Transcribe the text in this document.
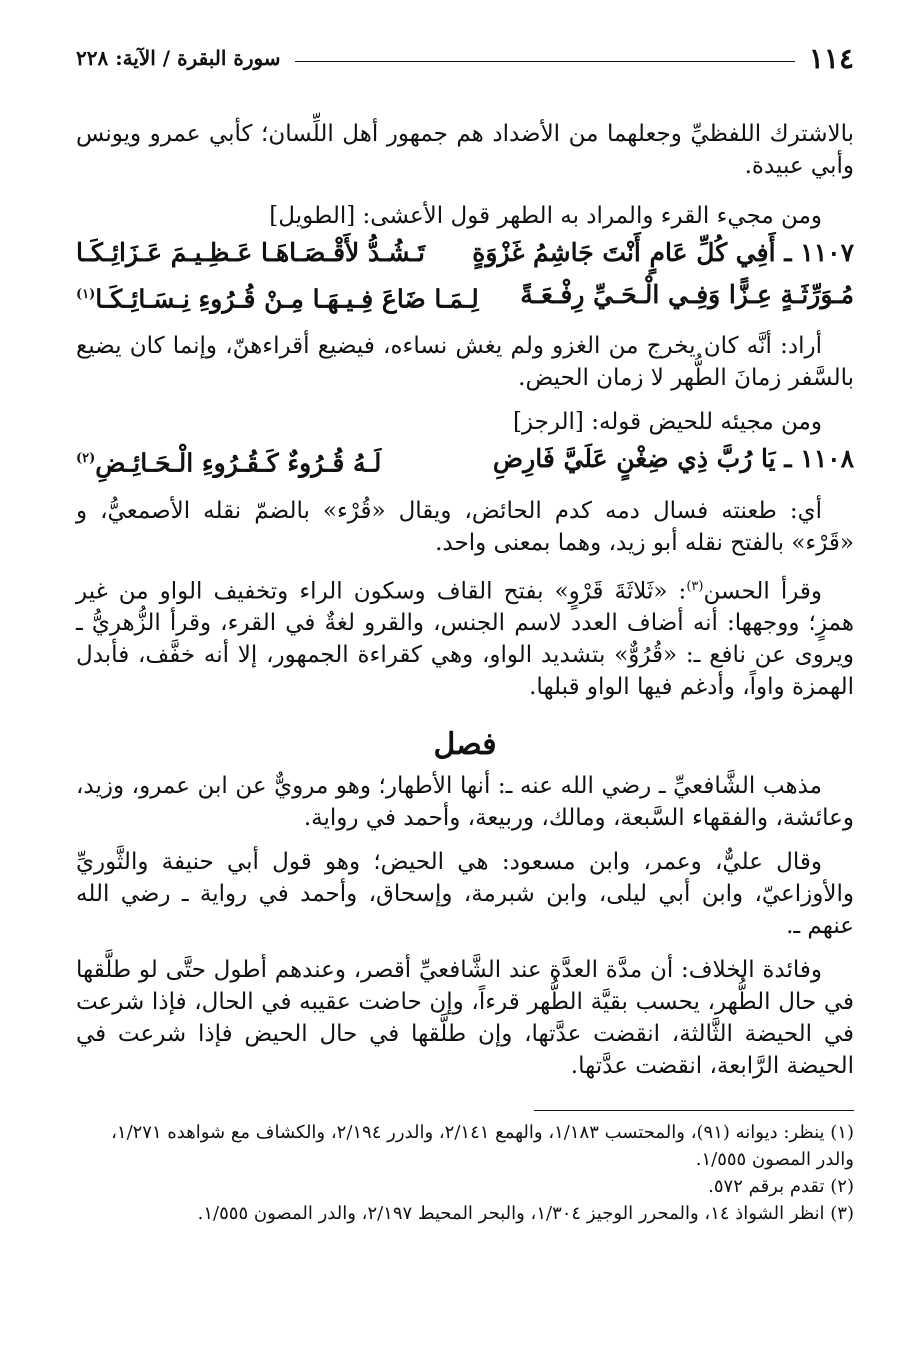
١١٤
سورة البقرة / الآية: ٢٢٨

بالاشترك اللفظيِّ وجعلهما من الأضداد هم جمهور أهل اللِّسان؛ كأبي عمرو ويونس وأبي عبيدة.

ومن مجيء القرء والمراد به الطهر قول الأعشى: [الطويل]

١١٠٧ ـ أَفِي كُلِّ عَامٍ أَنْتَ جَاشِمُ غَزْوَةٍ
تَـشُـدُّ لأَقْـصَـاهَـا عَـظِـيـمَ عَـزَائِـكَـا
مُـوَرِّثَـةٍ عِـزًّا وَفِـي الْـحَـيِّ رِفْـعَـةً
لِـمَـا ضَاعَ فِـيـهَـا مِـنْ قُـرُوءِ نِـسَـائِـكَـا$^{(١)}$

أراد: أنَّه كان يخرج من الغزو ولم يغش نساءه، فيضيع أقراءهنّ، وإنما كان يضيع بالسَّفر زمانَ الطُّهر لا زمان الحيض.

ومن مجيئه للحيض قوله: [الرجز]

١١٠٨ ـ يَا رُبَّ ذِي ضِغْنٍ عَلَيَّ فَارِضِ
لَـهُ قُـرُوءٌ كَـقُـرُوءِ الْـحَـائِـضِ$^{(٢)}$

أي: طعنته فسال دمه كدم الحائض، ويقال «قُرْء» بالضمّ نقله الأصمعيُّ، و «قَرْء» بالفتح نقله أبو زيد، وهما بمعنى واحد.

وقرأ الحسن$^{(٣)}$: «ثَلاثَةَ قَرْوٍ» بفتح القاف وسكون الراء وتخفيف الواو من غير همزٍ؛ ووجهها: أنه أضاف العدد لاسم الجنس، والقرو لغةٌ في القرء، وقرأ الزُّهريُّ ـ ويروى عن نافع ـ: «قُرُوٌّ» بتشديد الواو، وهي كقراءة الجمهور، إلا أنه خفَّف، فأبدل الهمزة واواً، وأدغم فيها الواو قبلها.

فصل

مذهب الشَّافعيِّ ـ رضي الله عنه ـ: أنها الأطهار؛ وهو مرويٌّ عن ابن عمرو، وزيد، وعائشة، والفقهاء السَّبعة، ومالك، وربيعة، وأحمد في رواية.

وقال عليٌّ، وعمر، وابن مسعود: هي الحيض؛ وهو قول أبي حنيفة والثَّوريِّ والأوزاعيّ، وابن أبي ليلى، وابن شبرمة، وإسحاق، وأحمد في رواية ـ رضي الله عنهم ـ.

وفائدة الخلاف: أن مدَّة العدَّة عند الشَّافعيِّ أقصر، وعندهم أطول حتَّى لو طلَّقها في حال الطُّهر، يحسب بقيَّة الطُّهر قرءاً، وإن حاضت عقيبه في الحال، فإذا شرعت في الحيضة الثَّالثة، انقضت عدَّتها، وإن طلَّقها في حال الحيض فإذا شرعت في الحيضة الرَّابعة، انقضت عدَّتها.

(١) ينظر: ديوانه (٩١)، والمحتسب ١/١٨٣، والهمع ٢/١٤١، والدرر ٢/١٩٤، والكشاف مع شواهده ١/٢٧١، والدر المصون ١/٥٥٥.

(٢) تقدم برقم ٥٧٢.

(٣) انظر الشواذ ١٤، والمحرر الوجيز ١/٣٠٤، والبحر المحيط ٢/١٩٧، والدر المصون ١/٥٥٥.
